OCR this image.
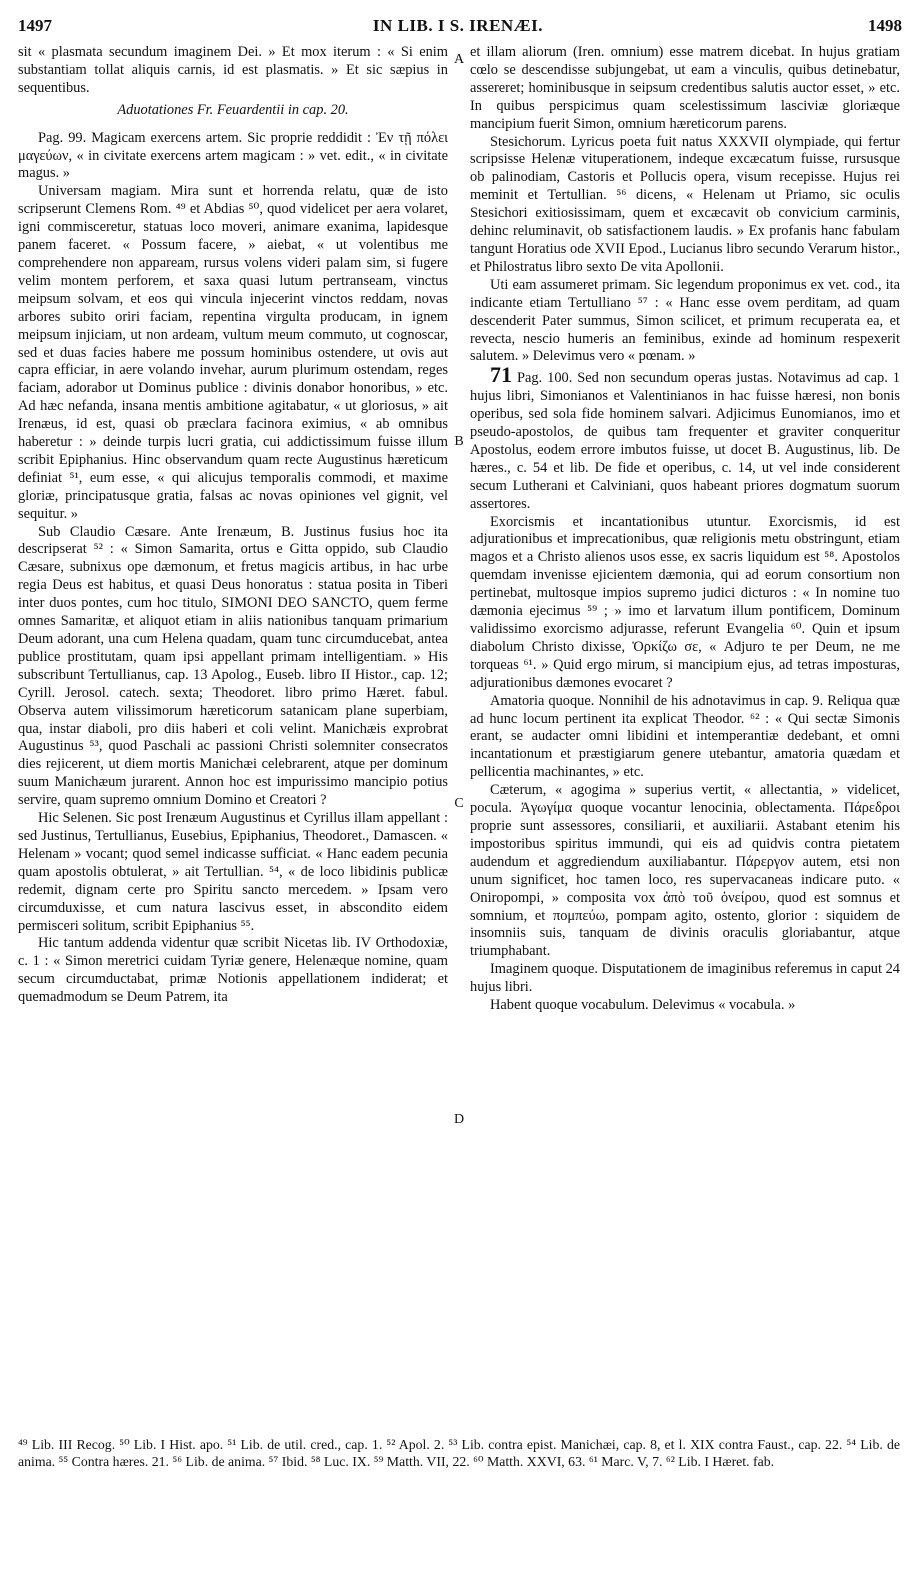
1497	IN LIB. I S. IRENÆI.	1498

sit « plasmata secundum imaginem Dei. » Et mox iterum : « Si enim substantiam tollat aliquis carnis, id est plasmatis. » Et sic sæpius in sequentibus.

Aduotationes Fr. Feuardentii in cap. 20.

Pag. 99. Magicam exercens artem. Sic proprie reddidit : Ἐν τῇ πόλει μαγεύων, « in civitate exercens artem magicam : » vet. edit., « in civitate magus. »

Universam magiam. Mira sunt et horrenda relatu, quæ de isto scripserunt Clemens Rom. ⁴⁹ et Abdias ⁵⁰, quod videlicet per aera volaret, igni commisceretur, statuas loco moveri, animare exanima, lapidesque panem faceret. « Possum facere, » aiebat, « ut volentibus me comprehendere non appaream, rursus volens videri palam sim, si fugere velim montem perforem, et saxa quasi lutum pertranseam, vinctus meipsum solvam, et eos qui vincula injecerint vinctos reddam, novas arbores subito oriri faciam, repentina virgulta producam, in ignem meipsum injiciam, ut non ardeam, vultum meum commuto, ut cognoscar, sed et duas facies habere me possum hominibus ostendere, ut ovis aut capra efficiar, in aere volando invehar, aurum plurimum ostendam, reges faciam, adorabor ut Dominus publice : divinis donabor honoribus, » etc. Ad hæc nefanda, insana mentis ambitione agitabatur, « ut gloriosus, » ait Irenæus, id est, quasi ob præclara facinora eximius, « ab omnibus haberetur : » deinde turpis lucri gratia, cui addictissimum fuisse illum scribit Epiphanius. Hinc observandum quam recte Augustinus hæreticum definiat ⁵¹, eum esse, « qui alicujus temporalis commodi, et maxime gloriæ, principatusque gratia, falsas ac novas opiniones vel gignit, vel sequitur. »

Sub Claudio Cæsare. Ante Irenæum, B. Justinus fusius hoc ita descripserat ⁵² : « Simon Samarita, ortus e Gitta oppido, sub Claudio Cæsare, subnixus ope dæmonum, et fretus magicis artibus, in hac urbe regia Deus est habitus, et quasi Deus honoratus : statua posita in Tiberi inter duos pontes, cum hoc titulo, SIMONI DEO SANCTO, quem ferme omnes Samaritæ, et aliquot etiam in aliis nationibus tanquam primarium Deum adorant, una cum Helena quadam, quam tunc circumducebat, antea publice prostitutam, quam ipsi appellant primam intelligentiam. » His subscribunt Tertullianus, cap. 13 Apolog., Euseb. libro II Histor., cap. 12; Cyrill. Jerosol. catech. sexta; Theodoret. libro primo Hæret. fabul. Observa autem vilissimorum hæreticorum satanicam plane superbiam, qua, instar diaboli, pro diis haberi et coli velint. Manichæis exprobrat Augustinus ⁵³, quod Paschali ac passioni Christi solemniter consecratos dies rejicerent, ut diem mortis Manichæi celebrarent, atque per dominum suum Manichæum jurarent. Annon hoc est impurissimo mancipio potius servire, quam supremo omnium Domino et Creatori ?

Hic Selenen. Sic post Irenæum Augustinus et Cyrillus illam appellant : sed Justinus, Tertullianus, Eusebius, Epiphanius, Theodoret., Damascen. « Helenam » vocant; quod semel indicasse sufficiat. « Hanc eadem pecunia quam apostolis obtulerat, » ait Tertullian. ⁵⁴, « de loco libidinis publicæ redemit, dignam certe pro Spiritu sancto mercedem. » Ipsam vero circumduxisse, et cum natura lascivus esset, in abscondito eidem permisceri solitum, scribit Epiphanius ⁵⁵.

Hic tantum addenda videntur quæ scribit Nicetas lib. IV Orthodoxiæ, c. 1 : « Simon meretrici cuidam Tyriæ genere, Helenæque nomine, quam secum circumductabat, primæ Notionis appellationem indiderat; et quemadmodum se Deum Patrem, ita

A
B
C
D

et illam aliorum (Iren. omnium) esse matrem dicebat. In hujus gratiam cœlo se descendisse subjungebat, ut eam a vinculis, quibus detinebatur, assereret; hominibusque in seipsum credentibus salutis auctor esset, » etc. In quibus perspicimus quam scelestissimum lasciviæ gloriæque mancipium fuerit Simon, omnium hæreticorum parens.

Stesichorum. Lyricus poeta fuit natus XXXVII olympiade, qui fertur scripsisse Helenæ vituperationem, indeque excæcatum fuisse, rursusque ob palinodiam, Castoris et Pollucis opera, visum recepisse. Hujus rei meminit et Tertullian. ⁵⁶ dicens, « Helenam ut Priamo, sic oculis Stesichori exitiosissimam, quem et excæcavit ob convicium carminis, dehinc reluminavit, ob satisfactionem laudis. » Ex profanis hanc fabulam tangunt Horatius ode XVII Epod., Lucianus libro secundo Verarum histor., et Philostratus libro sexto De vita Apollonii.

Uti eam assumeret primam. Sic legendum proponimus ex vet. cod., ita indicante etiam Tertulliano ⁵⁷ : « Hanc esse ovem perditam, ad quam descenderit Pater summus, Simon scilicet, et primum recuperata ea, et revecta, nescio humeris an feminibus, exinde ad hominum respexerit salutem. » Delevimus vero « pœnam. »

71 Pag. 100. Sed non secundum operas justas. Notavimus ad cap. 1 hujus libri, Simonianos et Valentinianos in hac fuisse hæresi, non bonis operibus, sed sola fide hominem salvari. Adjicimus Eunomianos, imo et pseudo-apostolos, de quibus tam frequenter et graviter conqueritur Apostolus, eodem errore imbutos fuisse, ut docet B. Augustinus, lib. De hæres., c. 54 et lib. De fide et operibus, c. 14, ut vel inde considerent secum Lutherani et Calviniani, quos habeant priores dogmatum suorum assertores.

Exorcismis et incantationibus utuntur. Exorcismis, id est adjurationibus et imprecationibus, quæ religionis metu obstringunt, etiam magos et a Christo alienos usos esse, ex sacris liquidum est ⁵⁸. Apostolos quemdam invenisse ejicientem dæmonia, qui ad eorum consortium non pertinebat, multosque impios supremo judici dicturos : « In nomine tuo dæmonia ejecimus ⁵⁹ ; » imo et larvatum illum pontificem, Dominum validissimo exorcismo adjurasse, referunt Evangelia ⁶⁰. Quin et ipsum diabolum Christo dixisse, Ὁρκίζω σε, « Adjuro te per Deum, ne me torqueas ⁶¹. » Quid ergo mirum, si mancipium ejus, ad tetras imposturas, adjurationibus dæmones evocaret ?

Amatoria quoque. Nonnihil de his adnotavimus in cap. 9. Reliqua quæ ad hunc locum pertinent ita explicat Theodor. ⁶² : « Qui sectæ Simonis erant, se audacter omni libidini et intemperantiæ dedebant, et omni incantationum et præstigiarum genere utebantur, amatoria quædam et pellicentia machinantes, » etc.

Cæterum, « agogima » superius vertit, « allectantia, » videlicet, pocula. Ἀγωγίμα quoque vocantur lenocinia, oblectamenta. Πάρεδροι proprie sunt assessores, consiliarii, et auxiliarii. Astabant etenim his impostoribus spiritus immundi, qui eis ad quidvis contra pietatem audendum et aggrediendum auxiliabantur. Πάρεργον autem, etsi non unum significet, hoc tamen loco, res supervacaneas indicare puto. « Oniropompi, » composita vox ἀπὸ τοῦ ὀνείρου, quod est somnus et somnium, et πομπεύω, pompam agito, ostento, glorior : siquidem de insomniis suis, tanquam de divinis oraculis gloriabantur, atque triumphabant.

Imaginem quoque. Disputationem de imaginibus referemus in caput 24 hujus libri.

Habent quoque vocabulum. Delevimus « vocabula. »

⁴⁹ Lib. III Recog. ⁵⁰ Lib. I Hist. apo. ⁵¹ Lib. de util. cred., cap. 1. ⁵² Apol. 2. ⁵³ Lib. contra epist. Manichæi, cap. 8, et l. XIX contra Faust., cap. 22. ⁵⁴ Lib. de anima. ⁵⁵ Contra hæres. 21. ⁵⁶ Lib. de anima. ⁵⁷ Ibid. ⁵⁸ Luc. IX. ⁵⁹ Matth. VII, 22. ⁶⁰ Matth. XXVI, 63. ⁶¹ Marc. V, 7. ⁶² Lib. I Hæret. fab.
